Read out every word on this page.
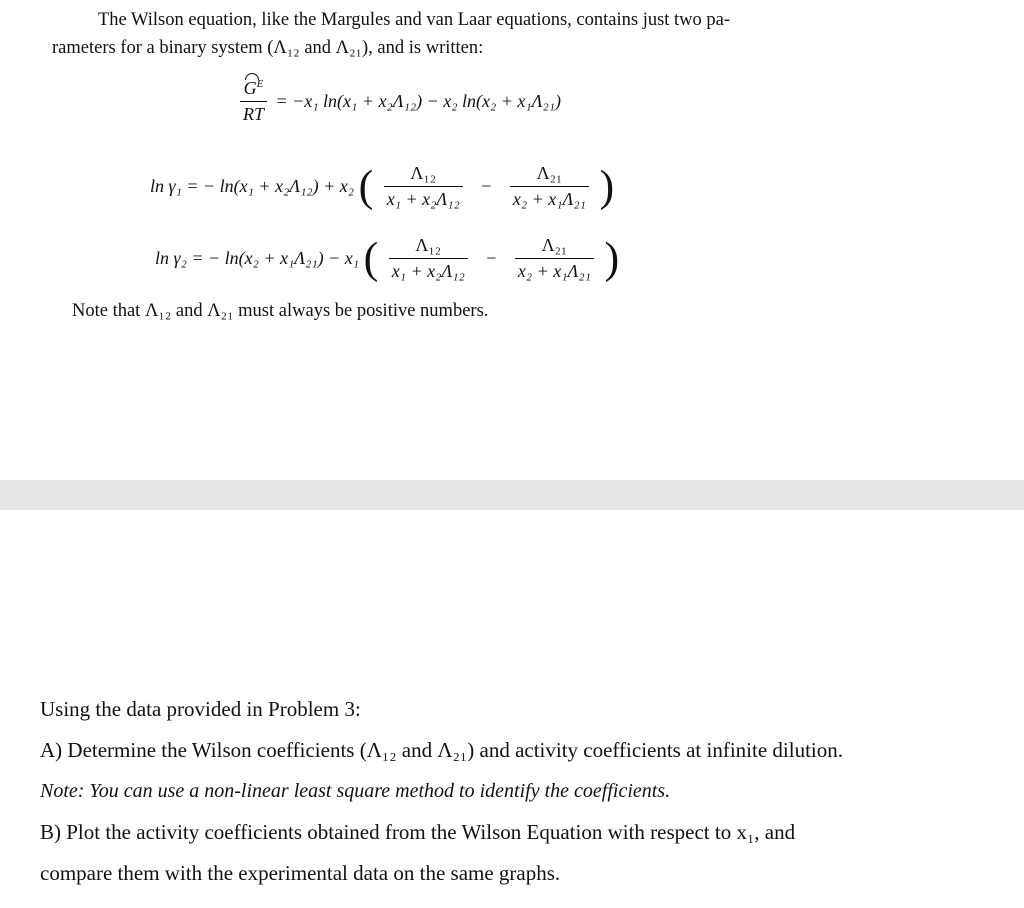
The Wilson equation, like the Margules and van Laar equations, contains just two pa-
rameters for a binary system (Λ₁₂ and Λ₂₁), and is written:
$\frac{G^E}{RT} = -x_1$ ln(x₁ + x₂Λ₁₂) − x₂ ln(x₂ + x₁Λ₂₁)
ln γ₁ = − ln(x₁ + x₂Λ₁₂) + x₂ ( $\frac{\text{Λ₁₂}}{\text{x₁ + x₂Λ₁₂}} - \frac{\text{Λ₂₁}}{\text{x₂ + x₁Λ₂₁}}$ )
ln γ₂ = − ln(x₂ + x₁Λ₂₁) − x₁ ( $\frac{\text{Λ₁₂}}{\text{x₁ + x₂Λ₁₂}} - \frac{\text{Λ₂₁}}{\text{x₂ + x₁Λ₂₁}}$ )
Note that Λ₁₂ and Λ₂₁ must always be positive numbers.
Using the data provided in Problem 3:
A) Determine the Wilson coefficients (Λ₁₂ and Λ₂₁) and activity coefficients at infinite dilution.
Note: You can use a non-linear least square method to identify the coefficients.
B) Plot the activity coefficients obtained from the Wilson Equation with respect to x₁, and
compare them with the experimental data on the same graphs.
